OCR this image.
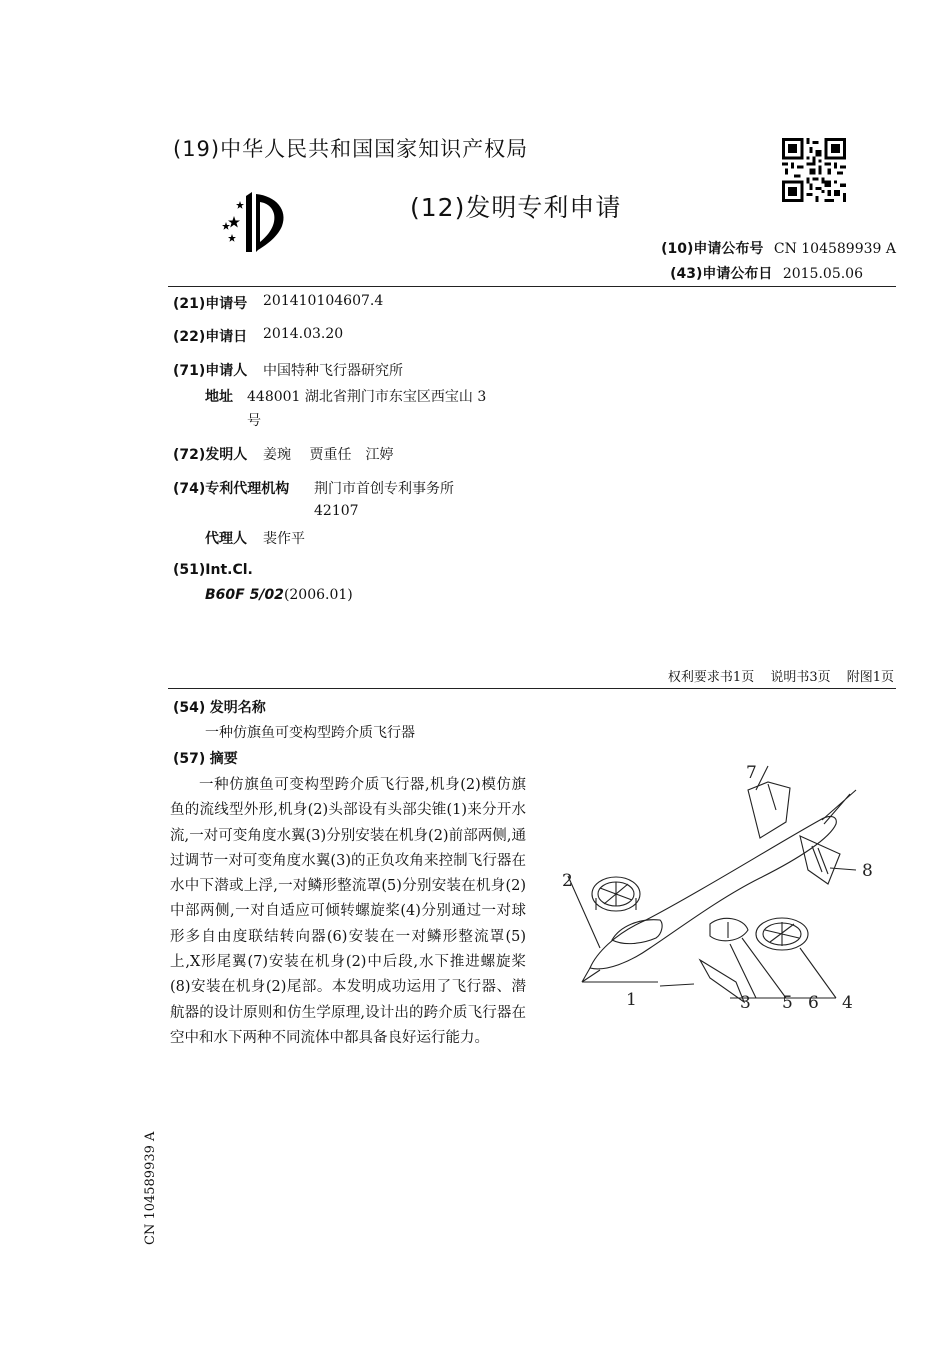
(19)中华人民共和国国家知识产权局
(12)发明专利申请
(10)申请公布号 CN 104589939 A
(43)申请公布日 2015.05.06
(21)申请号 201410104607.4
(22)申请日 2014.03.20
(71)申请人 中国特种飞行器研究所
地址 448001 湖北省荆门市东宝区西宝山 3
号
(72)发明人 姜琬　 贾重任　江婷
(74)专利代理机构 荆门市首创专利事务所
42107
代理人 裴作平
(51)Int.Cl.
B60F 5/02(2006.01)
权利要求书1页 说明书3页 附图1页
(54) 发明名称
一种仿旗鱼可变构型跨介质飞行器
(57) 摘要
一种仿旗鱼可变构型跨介质飞行器,机身(2)模仿旗鱼的流线型外形,机身(2)头部设有头部尖锥(1)来分开水流,一对可变角度水翼(3)分别安装在机身(2)前部两侧,通过调节一对可变角度水翼(3)的正负攻角来控制飞行器在水中下潜或上浮,一对鳞形整流罩(5)分别安装在机身(2)中部两侧,一对自适应可倾转螺旋桨(4)分别通过一对球形多自由度联结转向器(6)安装在一对鳞形整流罩(5)上,X形尾翼(7)安装在机身(2)中后段,水下推进螺旋桨(8)安装在机身(2)尾部。本发明成功运用了飞行器、潜航器的设计原则和仿生学原理,设计出的跨介质飞行器在空中和水下两种不同流体中都具备良好运行能力。
1
2
3	4
5 6
7
8
CN 104589939 A
